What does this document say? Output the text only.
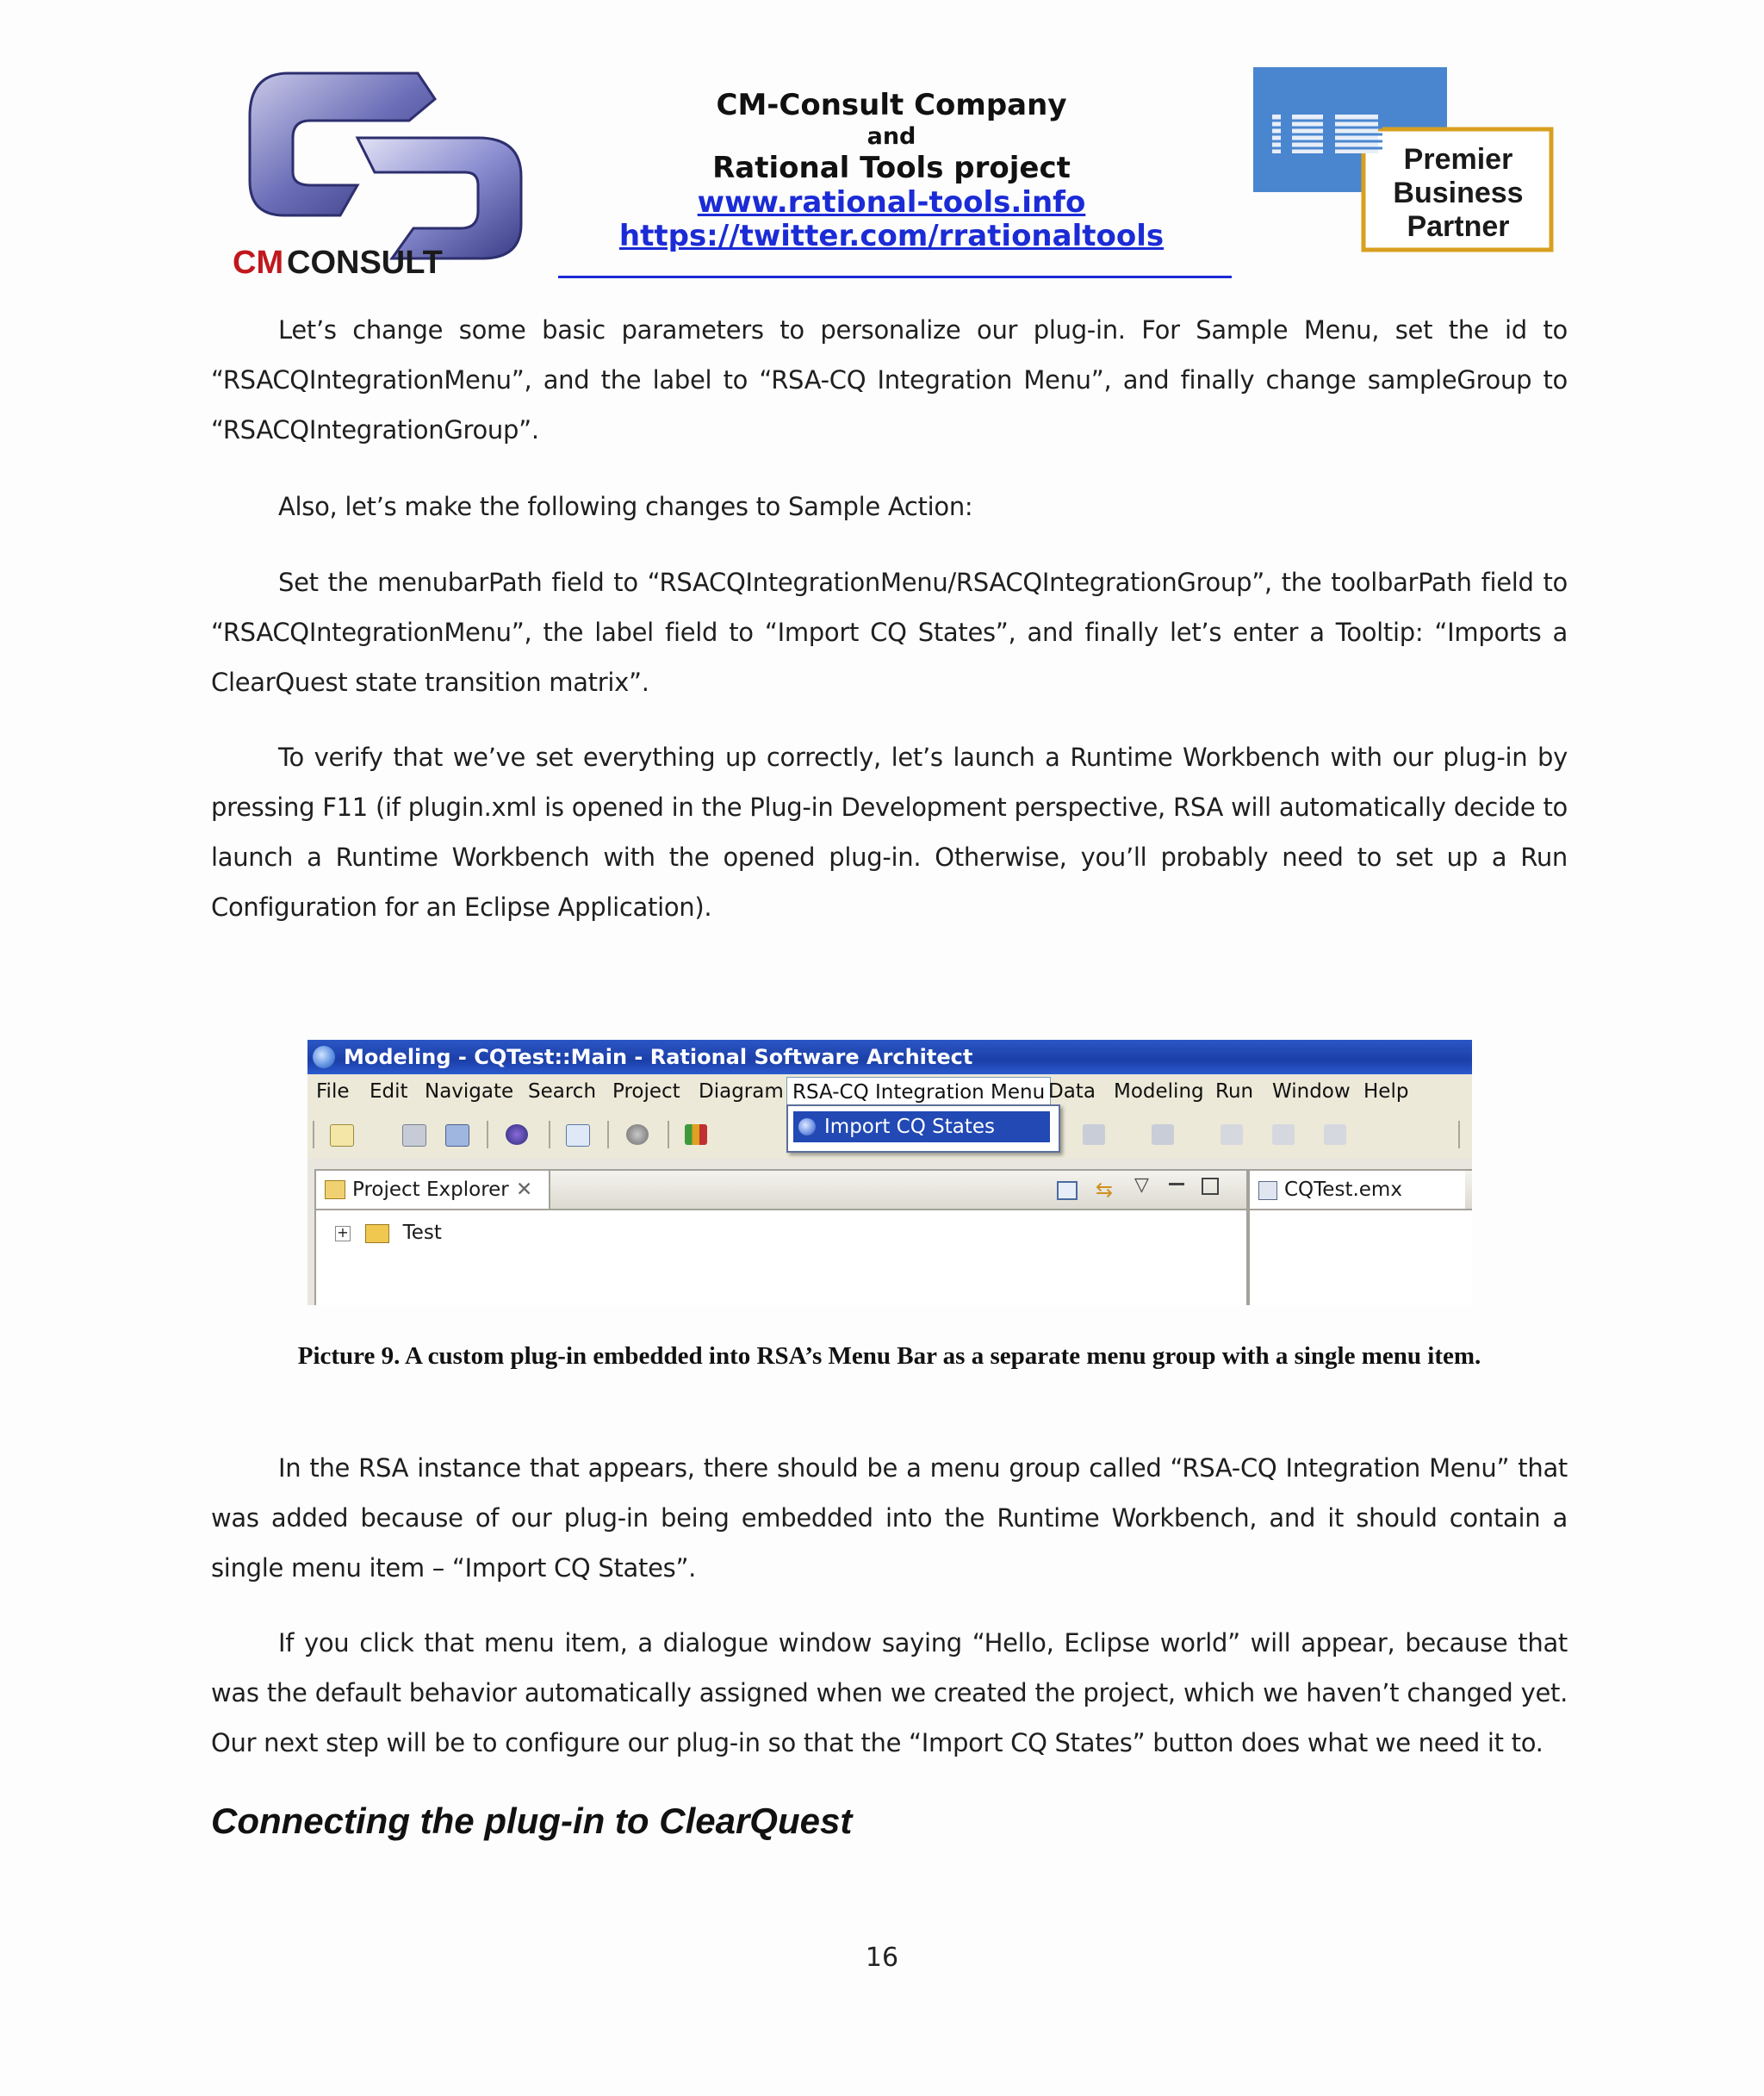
CM CONSULT
CM-Consult Company
and
Rational Tools project
www.rational-tools.info
https://twitter.com/rrationaltools
Premier
Business
Partner
Let’s change some basic parameters to personalize our plug-in. For Sample Menu, set the id to “RSACQIntegrationMenu”, and the label to “RSA-CQ Integration Menu”, and finally change sampleGroup to “RSACQIntegrationGroup”.
Also, let’s make the following changes to Sample Action:
Set the menubarPath field to “RSACQIntegrationMenu/RSACQIntegrationGroup”, the toolbarPath field to “RSACQIntegrationMenu”, the label field to “Import CQ States”, and finally let’s enter a Tooltip: “Imports a ClearQuest state transition matrix”.
To verify that we’ve set everything up correctly, let’s launch a Runtime Workbench with our plug-in by pressing F11 (if plugin.xml is opened in the Plug-in Development perspective, RSA will automatically decide to launch a Runtime Workbench with the opened plug-in. Otherwise, you’ll probably need to set up a Run Configuration for an Eclipse Application).
Modeling - CQTest::Main - Rational Software Architect
File Edit Navigate Search Project Diagram RSA-CQ Integration Menu Data Modeling Run Window Help
Project Explorer ✕	⇆ ▽
+	Test
CQTest.emx
Import CQ States
Picture 9. A custom plug-in embedded into RSA’s Menu Bar as a separate menu group with a single menu item.
In the RSA instance that appears, there should be a menu group called “RSA-CQ Integration Menu” that was added because of our plug-in being embedded into the Runtime Workbench, and it should contain a single menu item – “Import CQ States”.
If you click that menu item, a dialogue window saying “Hello, Eclipse world” will appear, because that was the default behavior automatically assigned when we created the project, which we haven’t changed yet. Our next step will be to configure our plug-in so that the “Import CQ States” button does what we need it to.
Connecting the plug-in to ClearQuest
16
